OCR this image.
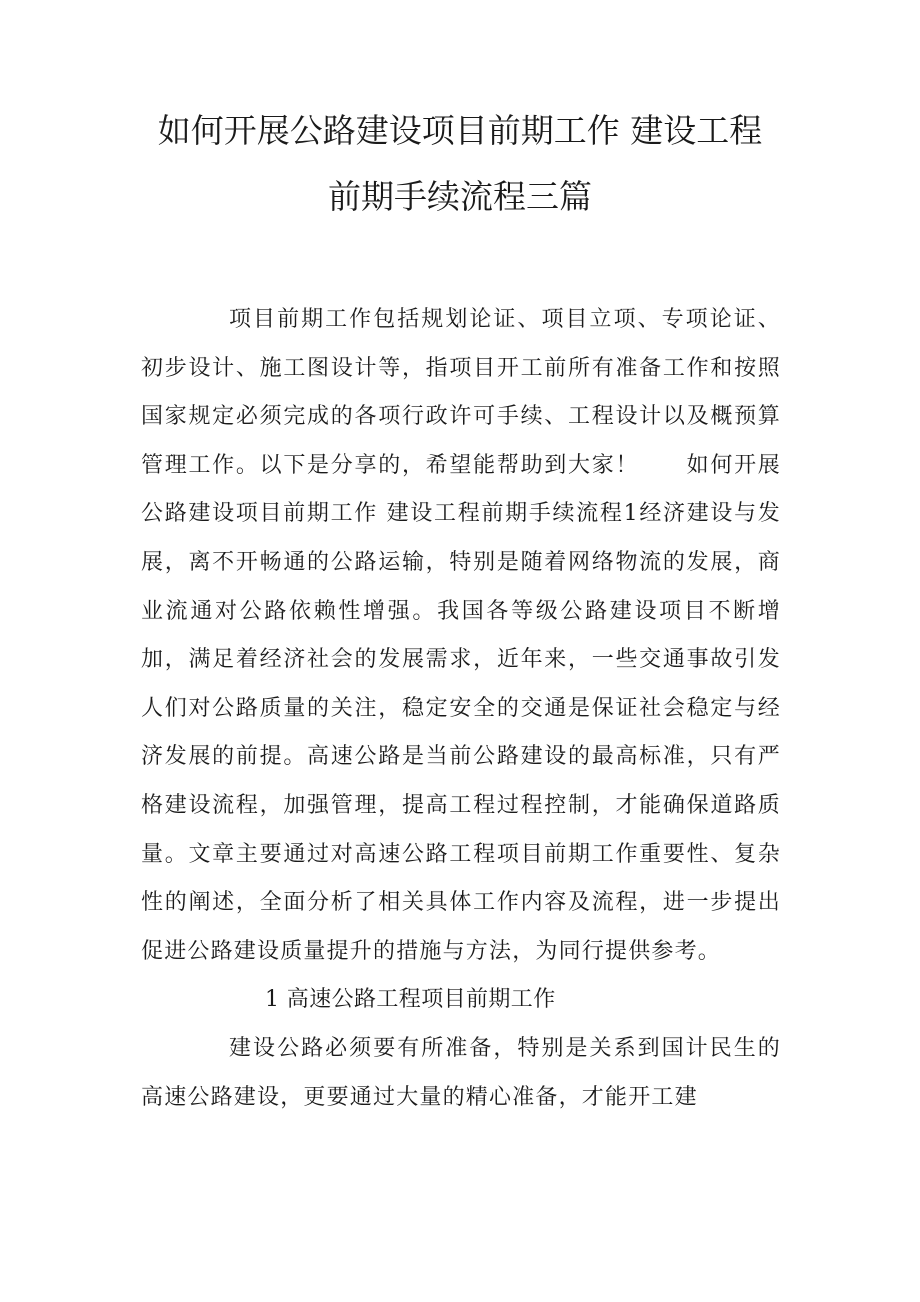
如何开展公路建设项目前期工作 建设工程
前期手续流程三篇

项目前期工作包括规划论证、项目立项、专项论证、初步设计、施工图设计等，指项目开工前所有准备工作和按照国家规定必须完成的各项行政许可手续、工程设计以及概预算管理工作。以下是分享的，希望能帮助到大家！　　如何开展公路建设项目前期工作 建设工程前期手续流程1经济建设与发展，离不开畅通的公路运输，特别是随着网络物流的发展，商业流通对公路依赖性增强。我国各等级公路建设项目不断增加，满足着经济社会的发展需求，近年来，一些交通事故引发人们对公路质量的关注，稳定安全的交通是保证社会稳定与经济发展的前提。高速公路是当前公路建设的最高标准，只有严格建设流程，加强管理，提高工程过程控制，才能确保道路质量。文章主要通过对高速公路工程项目前期工作重要性、复杂性的阐述，全面分析了相关具体工作内容及流程，进一步提出促进公路建设质量提升的措施与方法，为同行提供参考。

1 高速公路工程项目前期工作

建设公路必须要有所准备，特别是关系到国计民生的高速公路建设，更要通过大量的精心准备，才能开工建
